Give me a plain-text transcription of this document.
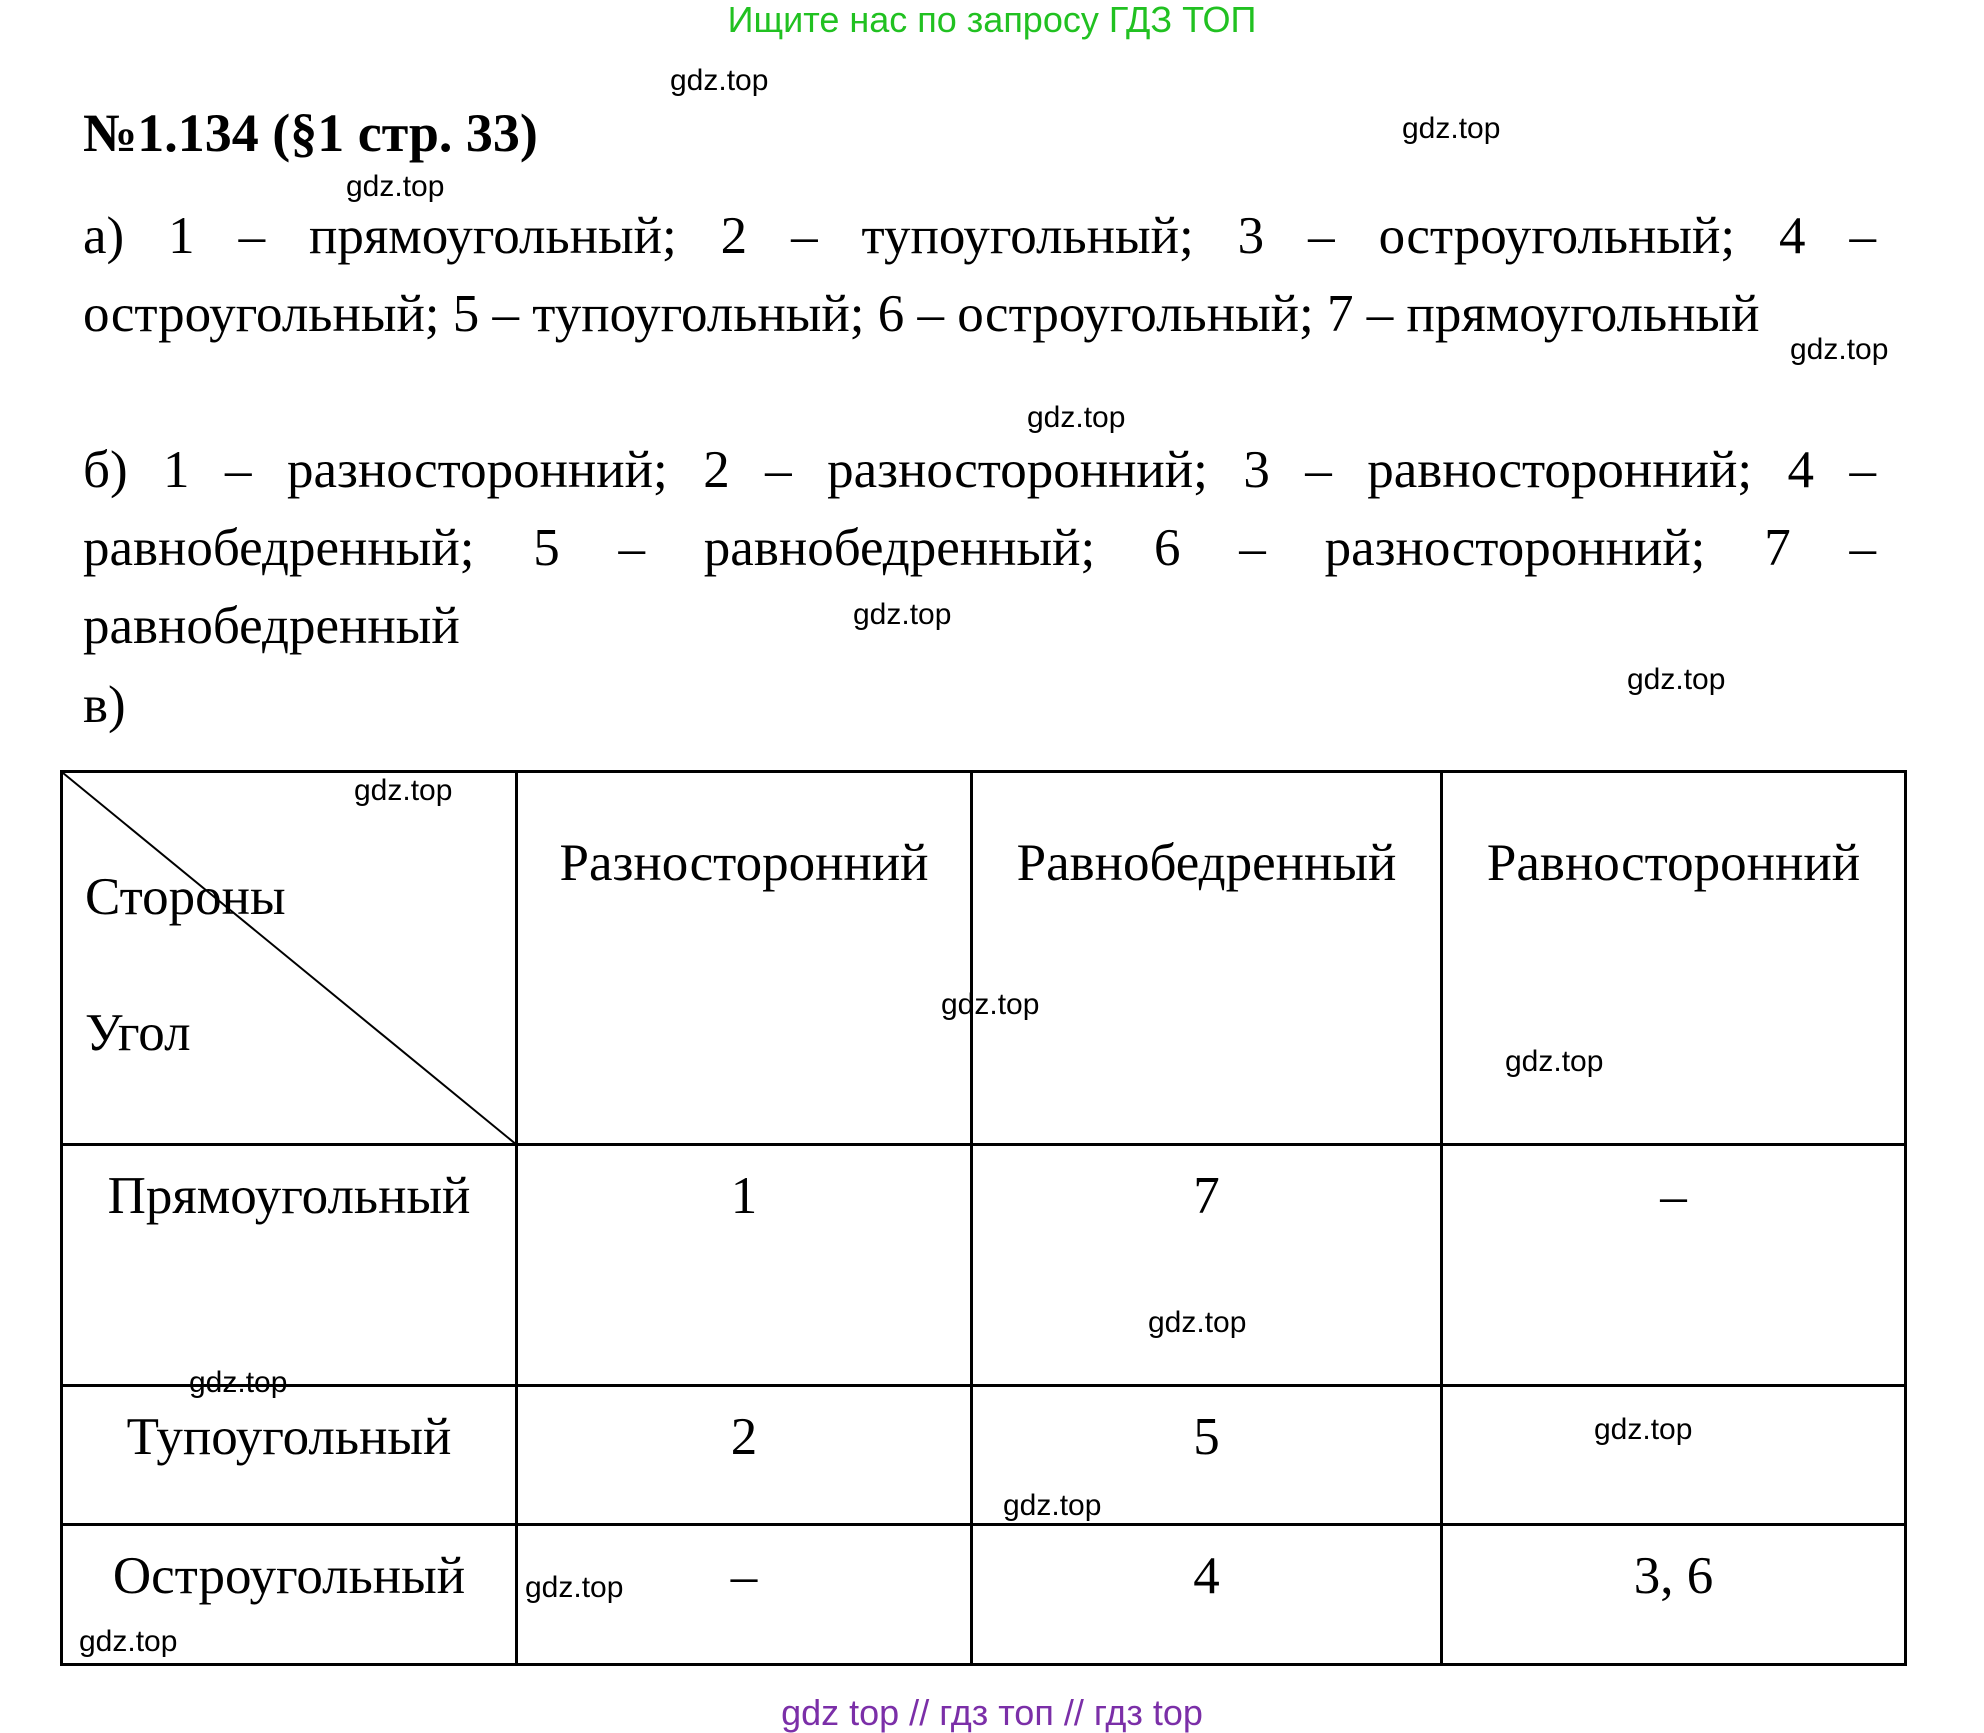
Ищите нас по запросу ГДЗ ТОП
№1.134 (§1 стр. 33)
а) 1 – прямоугольный; 2 – тупоугольный; 3 – остроугольный; 4 – остроугольный; 5 – тупоугольный; 6 – остроугольный; 7 – прямоугольный
б) 1 – разносторонний; 2 – разносторонний; 3 – равносторонний; 4 – равнобедренный; 5 – равнобедренный; 6 – разносторонний; 7 – равнобедренный
в)
Стороны
Угол	Разносторонний	Равнобедренный	Равносторонний
Прямоугольный	1	7	–
Тупоугольный	2	5	
Остроугольный	–	4	3, 6
gdz.top
gdz.top
gdz.top
gdz.top
gdz.top
gdz.top
gdz.top
gdz.top
gdz.top
gdz.top
gdz.top
gdz.top
gdz.top
gdz.top
gdz.top
gdz.top
gdz top // гдз топ // гдз top
